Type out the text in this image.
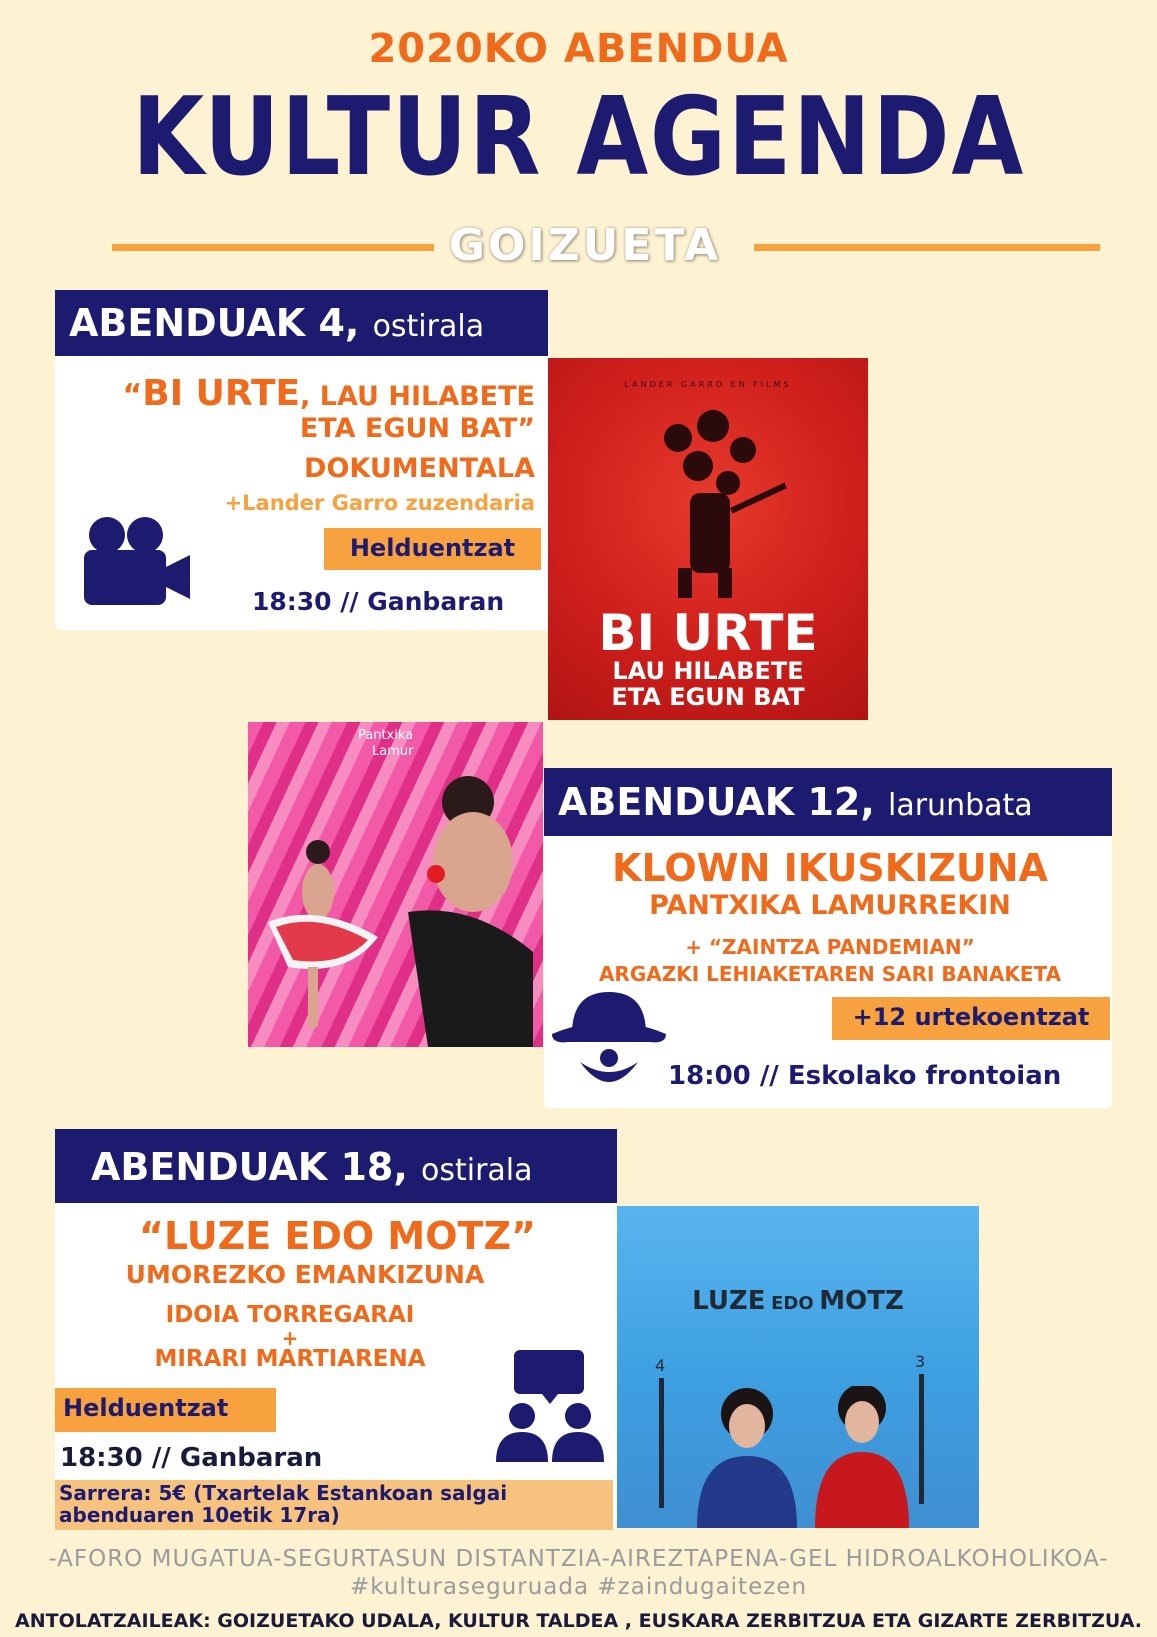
2020KO ABENDUA
KULTUR AGENDA
GOIZUETA
ABENDUAK 4, ostirala
“BI URTE, LAU HILABETE
ETA EGUN BAT”
DOKUMENTALA
+Lander Garro zuzendaria
Helduentzat
18:30 // Ganbaran
LANDER GARRO EN FILMS
BI URTE
LAU HILABETE
ETA EGUN BAT
ABENDUAK 12, larunbata
KLOWN IKUSKIZUNA
PANTXIKA LAMURREKIN
+ “ZAINTZA PANDEMIAN”
ARGAZKI LEHIAKETAREN SARI BANAKETA
+12 urtekoentzat
18:00 // Eskolako frontoian
Pantxika
Lamur
ABENDUAK 18, ostirala
“LUZE EDO MOTZ”
UMOREZKO EMANKIZUNA
IDOIA TORREGARAI
+
MIRARI MARTIARENA
Helduentzat
18:30 // Ganbaran
Sarrera: 5€ (Txartelak Estankoan salgai
abenduaren 10etik 17ra)
LUZE EDO MOTZ
4	3
-AFORO MUGATUA-SEGURTASUN DISTANTZIA-AIREZTAPENA-GEL HIDROALKOHOLIKOA-
#kulturaseguruada #zaindugaitezen
ANTOLATZAILEAK: GOIZUETAKO UDALA, KULTUR TALDEA , EUSKARA ZERBITZUA ETA GIZARTE ZERBITZUA.
